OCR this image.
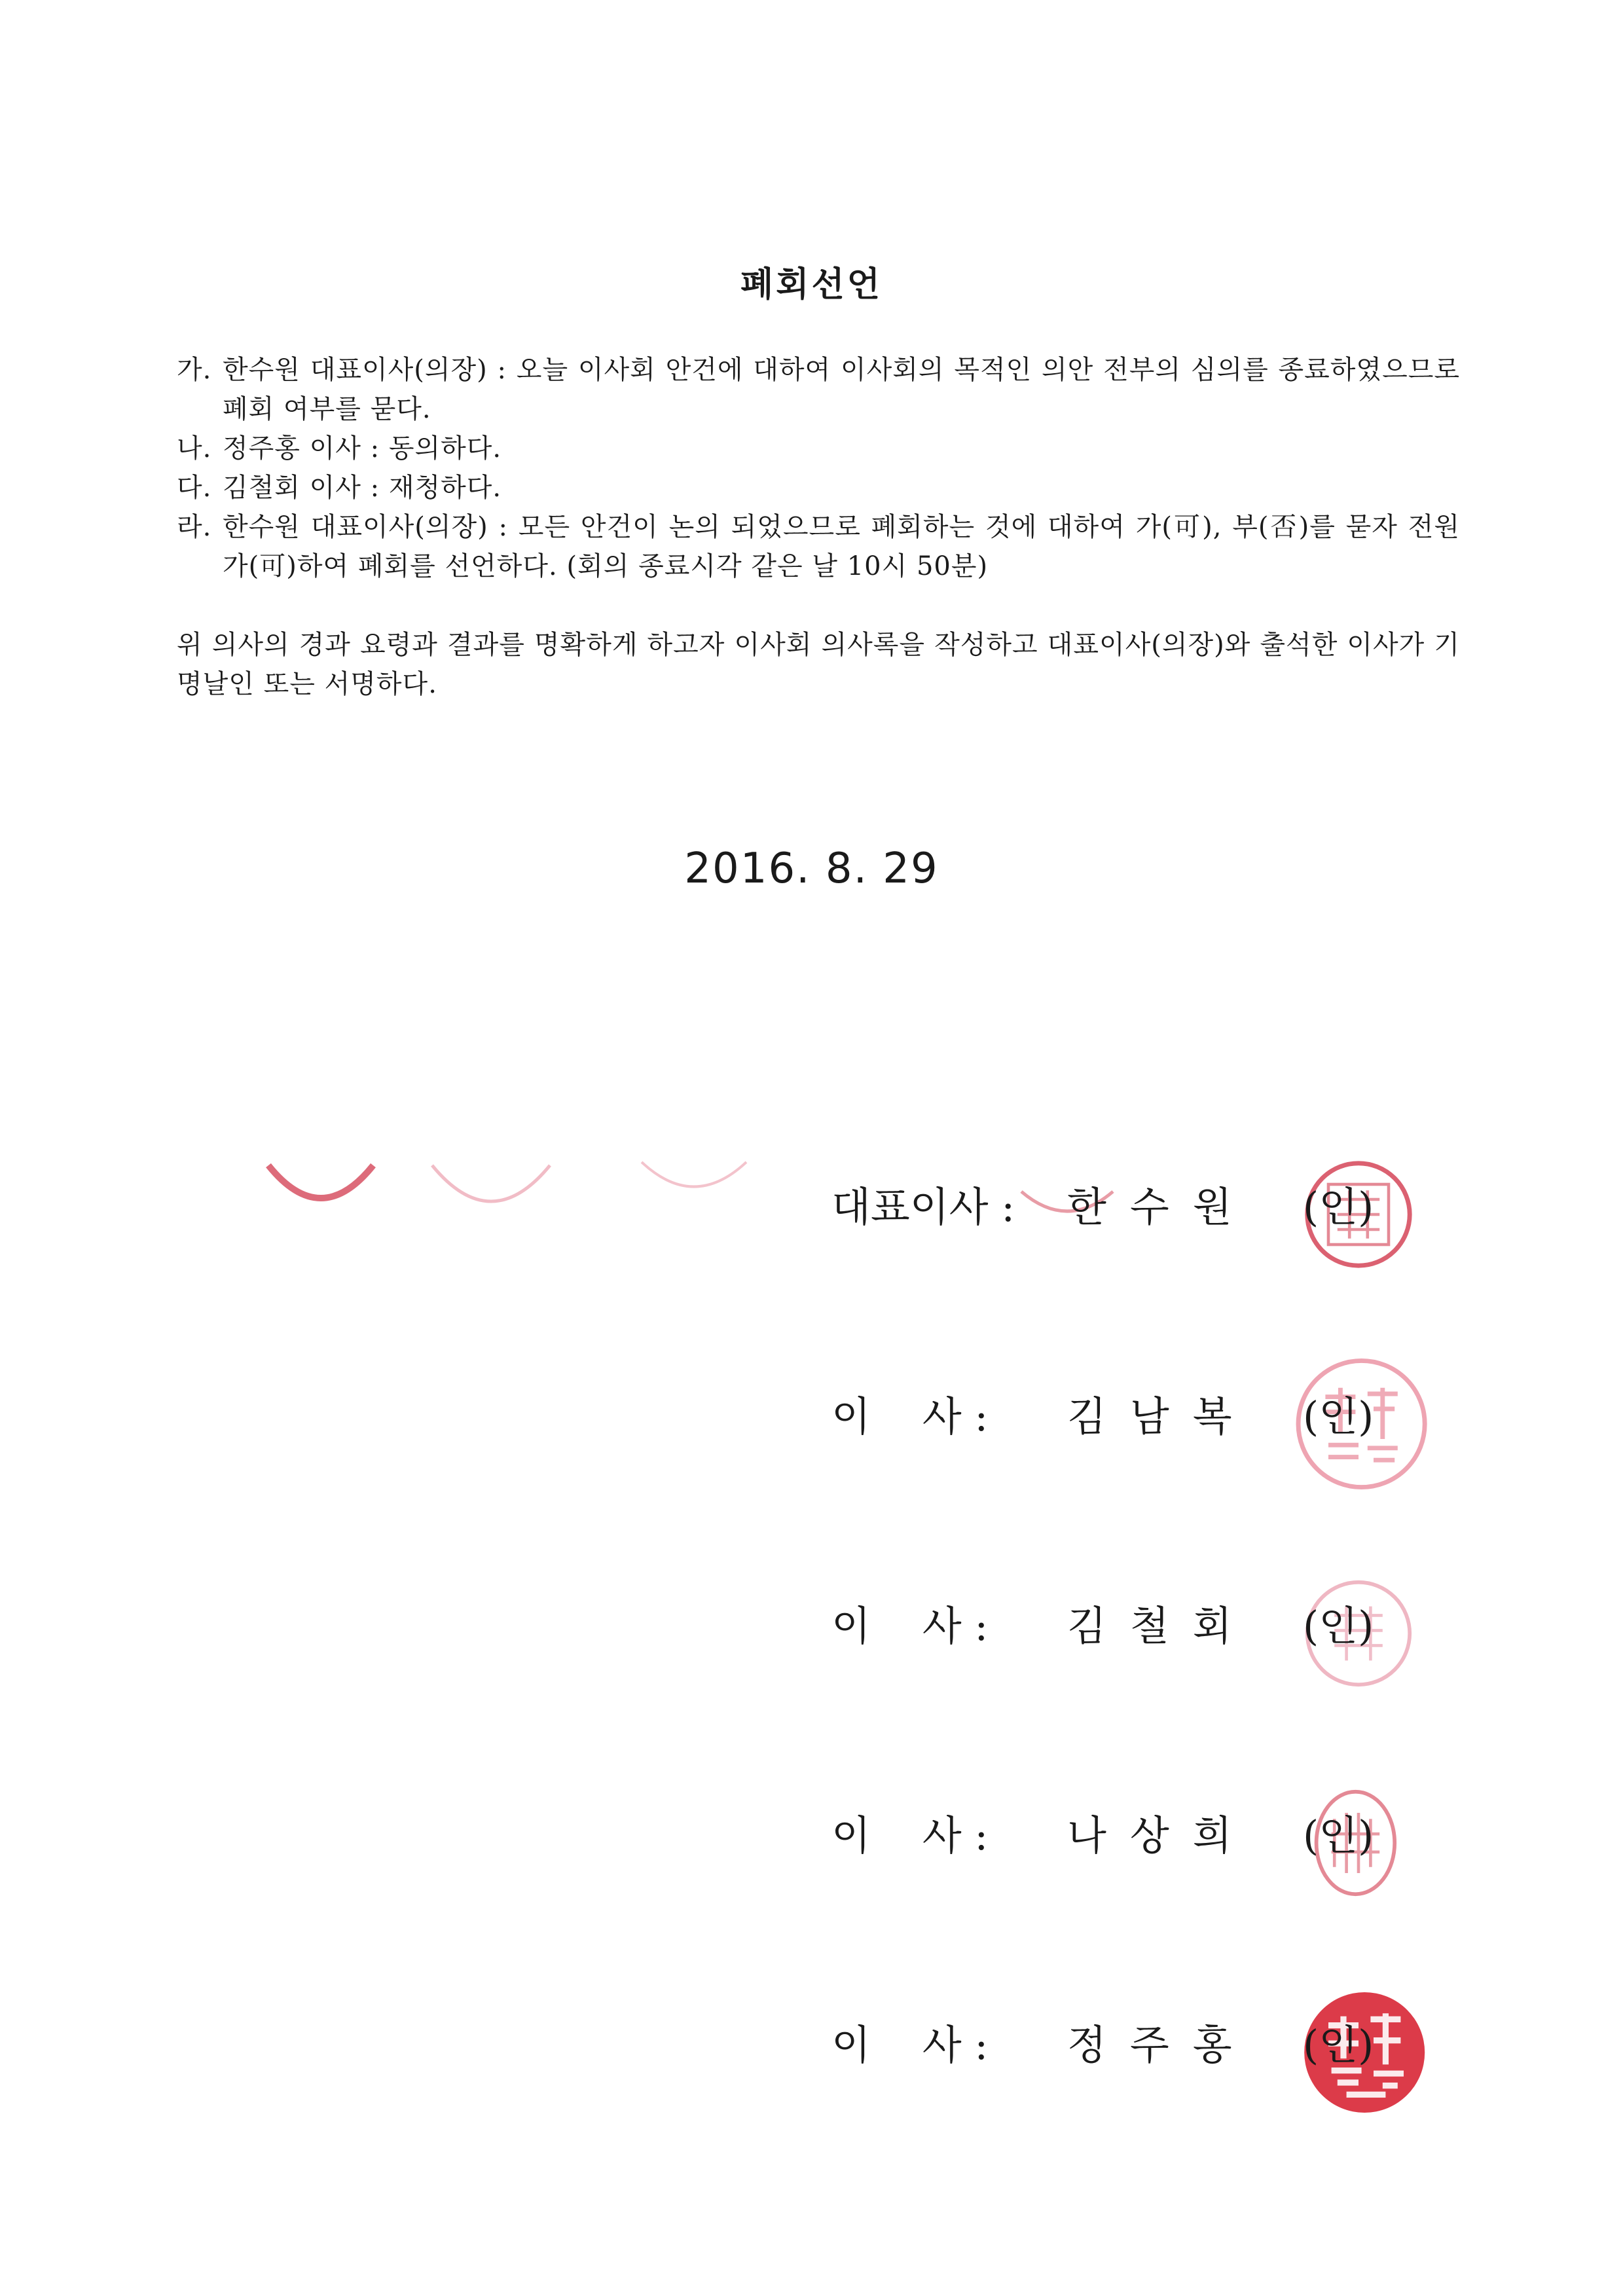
폐회선언
가. 한수원 대표이사(의장) : 오늘 이사회 안건에 대하여 이사회의 목적인 의안 전부의 심의를 종료하였으므로 폐회 여부를 묻다.
나. 정주홍 이사 : 동의하다.
다. 김철회 이사 : 재청하다.
라. 한수원 대표이사(의장) : 모든 안건이 논의 되었으므로 폐회하는 것에 대하여 가(可), 부(否)를 묻자 전원 가(可)하여 폐회를 선언하다. (회의 종료시각 같은 날 10시 50분)
위 의사의 경과 요령과 결과를 명확하게 하고자 이사회 의사록을 작성하고 대표이사(의장)와 출석한 이사가 기명날인 또는 서명하다.
2016. 8. 29
대표이사 : 한수원 (인)
이    사 : 김남복 (인)
이    사 : 김철회 (인)
이    사 : 나상희 (인)
이    사 : 정주홍 (인)
